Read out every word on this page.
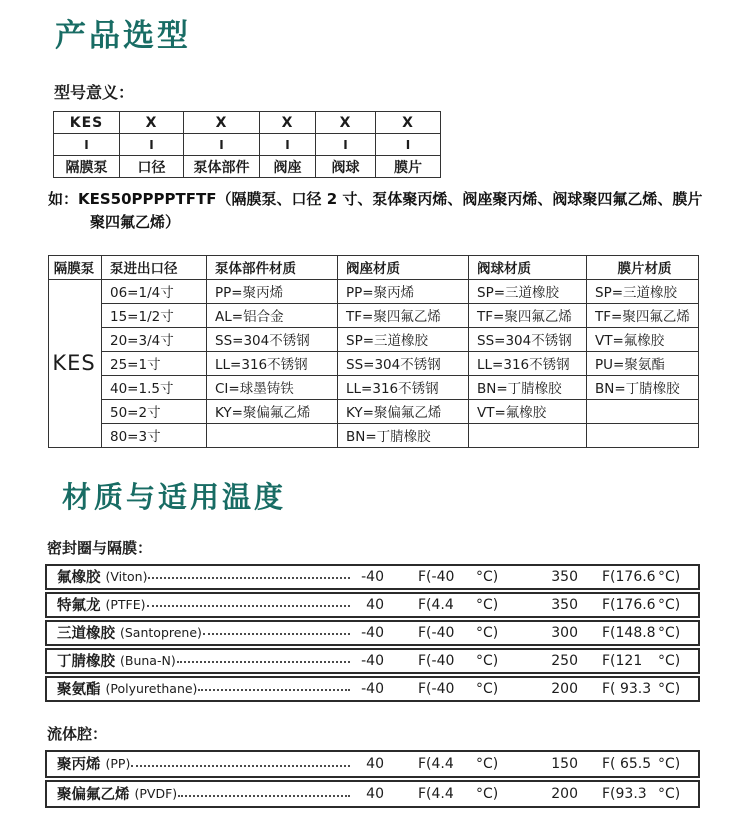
产品选型
型号意义：
KES	X	X	X	X	X
I	I	I	I	I	I
隔膜泵	口径	泵体部件	阀座	阀球	膜片

如：KES50PPPPTFTF（隔膜泵、口径 2 寸、泵体聚丙烯、阀座聚丙烯、阀球聚四氟乙烯、膜片聚四氟乙烯）

隔膜泵	泵进出口径	泵体部件材质	阀座材质	阀球材质	膜片材质
KES	06=1/4寸	PP=聚丙烯	PP=聚丙烯	SP=三道橡胶	SP=三道橡胶
	15=1/2寸	AL=铝合金	TF=聚四氟乙烯	TF=聚四氟乙烯	TF=聚四氟乙烯
	20=3/4寸	SS=304不锈钢	SP=三道橡胶	SS=304不锈钢	VT=氟橡胶
	25=1寸	LL=316不锈钢	SS=304不锈钢	LL=316不锈钢	PU=聚氨酯
	40=1.5寸	CI=球墨铸铁	LL=316不锈钢	BN=丁腈橡胶	BN=丁腈橡胶
	50=2寸	KY=聚偏氟乙烯	KY=聚偏氟乙烯	VT=氟橡胶	
	80=3寸		BN=丁腈橡胶		
材质与适用温度
密封圈与隔膜：
氟橡胶 (Viton)	-40 F(-40	°C)	350 F(176.6 °C)
特氟龙 (PTFE)	40 F(4.4	°C)	350 F(176.6 °C)
三道橡胶 (Santoprene)	-40 F(-40	°C)	300 F(148.8 °C)
丁腈橡胶 (Buna-N)	-40 F(-40	°C)	250 F(121	°C)
聚氨酯 (Polyurethane)	-40 F(-40	°C)	200 F( 93.3 °C)
流体腔：
聚丙烯 (PP)	40 F(4.4	°C)	150 F( 65.5 °C)
聚偏氟乙烯 (PVDF)	40 F(4.4	°C)	200 F(93.3 °C)
